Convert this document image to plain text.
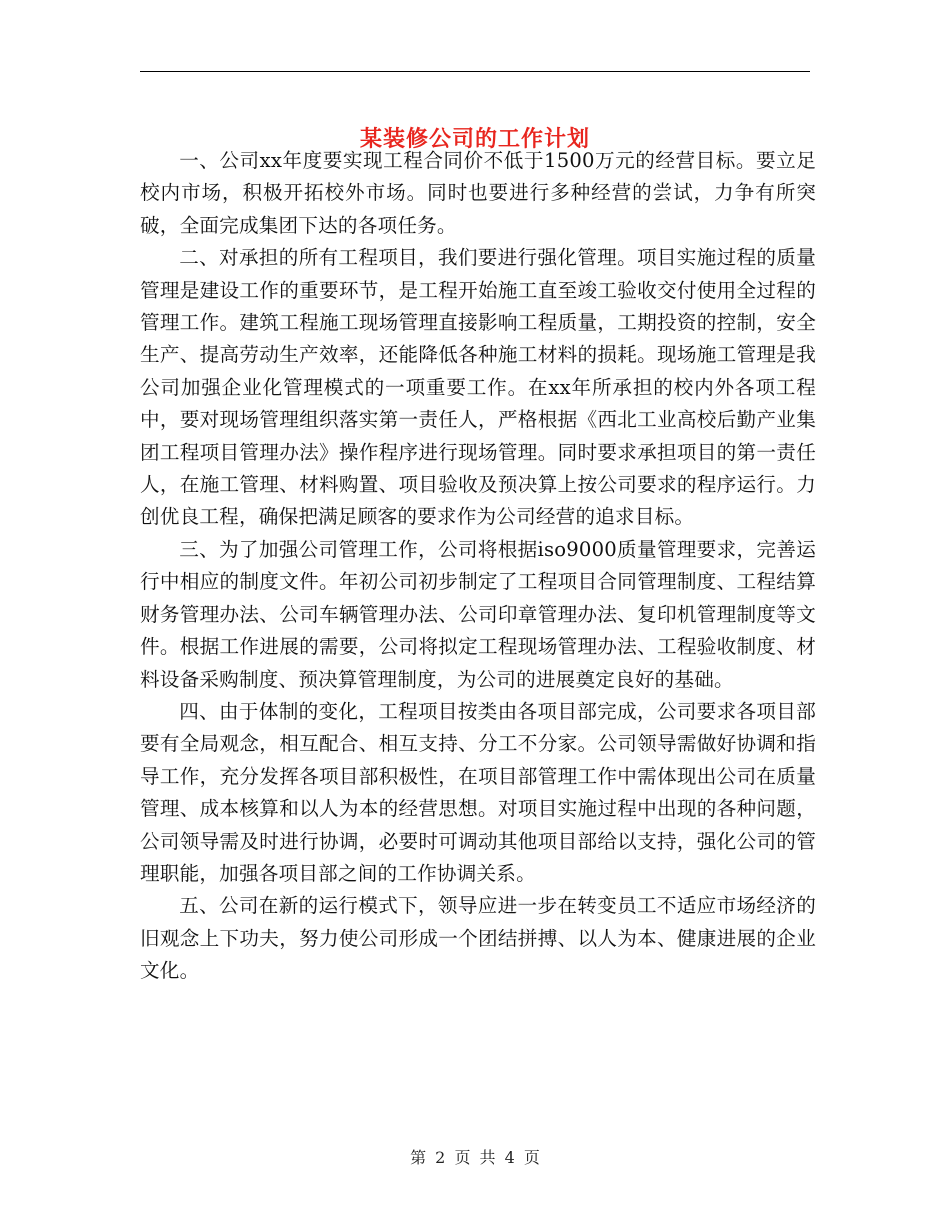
某装修公司的工作计划

一、公司xx年度要实现工程合同价不低于1500万元的经营目标。要立足校内市场，积极开拓校外市场。同时也要进行多种经营的尝试，力争有所突破，全面完成集团下达的各项任务。

二、对承担的所有工程项目，我们要进行强化管理。项目实施过程的质量管理是建设工作的重要环节，是工程开始施工直至竣工验收交付使用全过程的管理工作。建筑工程施工现场管理直接影响工程质量，工期投资的控制，安全生产、提高劳动生产效率，还能降低各种施工材料的损耗。现场施工管理是我公司加强企业化管理模式的一项重要工作。在xx年所承担的校内外各项工程中，要对现场管理组织落实第一责任人，严格根据《西北工业高校后勤产业集团工程项目管理办法》操作程序进行现场管理。同时要求承担项目的第一责任人，在施工管理、材料购置、项目验收及预决算上按公司要求的程序运行。力创优良工程，确保把满足顾客的要求作为公司经营的追求目标。

三、为了加强公司管理工作，公司将根据iso9000质量管理要求，完善运行中相应的制度文件。年初公司初步制定了工程项目合同管理制度、工程结算财务管理办法、公司车辆管理办法、公司印章管理办法、复印机管理制度等文件。根据工作进展的需要，公司将拟定工程现场管理办法、工程验收制度、材料设备采购制度、预决算管理制度，为公司的进展奠定良好的基础。

四、由于体制的变化，工程项目按类由各项目部完成，公司要求各项目部要有全局观念，相互配合、相互支持、分工不分家。公司领导需做好协调和指导工作，充分发挥各项目部积极性，在项目部管理工作中需体现出公司在质量管理、成本核算和以人为本的经营思想。对项目实施过程中出现的各种问题，公司领导需及时进行协调，必要时可调动其他项目部给以支持，强化公司的管理职能，加强各项目部之间的工作协调关系。

五、公司在新的运行模式下，领导应进一步在转变员工不适应市场经济的旧观念上下功夫，努力使公司形成一个团结拼搏、以人为本、健康进展的企业文化。

第 2 页 共 4 页
